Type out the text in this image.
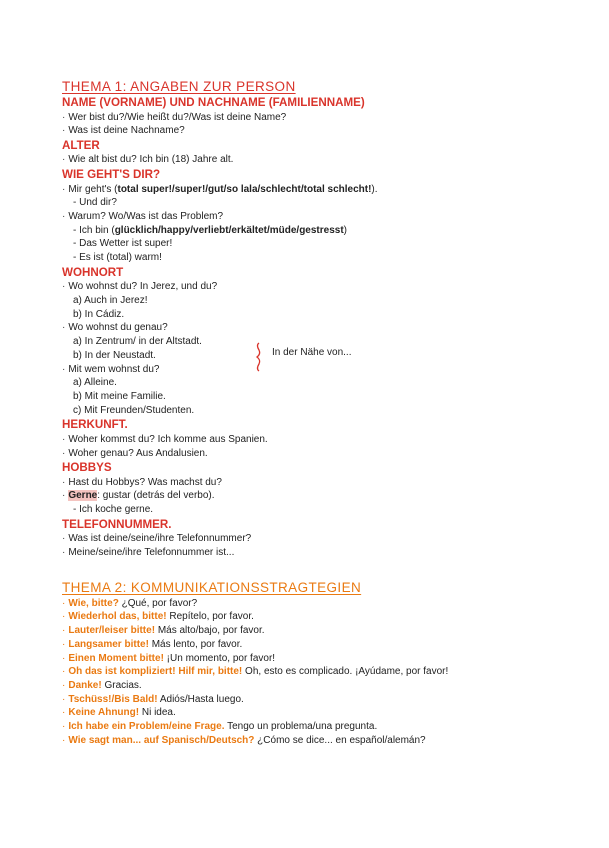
THEMA 1: ANGABEN ZUR PERSON
NAME (VORNAME) UND NACHNAME (FAMILIENNAME)
· Wer bist du?/Wie heißt du?/Was ist deine Name?
· Was ist deine Nachname?
ALTER
· Wie alt bist du? Ich bin (18) Jahre alt.
WIE GEHT'S DIR?
· Mir geht's (total super!/super!/gut/so lala/schlecht/total schlecht!).
- Und dir?
· Warum? Wo/Was ist das Problem?
- Ich bin (glücklich/happy/verliebt/erkältet/müde/gestresst)
- Das Wetter ist super!
- Es ist (total) warm!
WOHNORT
· Wo wohnst du? In Jerez, und du?
a) Auch in Jerez!
b) In Cádiz.
· Wo wohnst du genau?
a) In Zentrum/ in der Altstadt.
b) In der Neustadt.
· Mit wem wohnst du?
a) Alleine.
b) Mit meine Familie.
c) Mit Freunden/Studenten.
HERKUNFT.
· Woher kommst du? Ich komme aus Spanien.
· Woher genau? Aus Andalusien.
HOBBYS
· Hast du Hobbys? Was machst du?
· Gerne: gustar (detrás del verbo).
- Ich koche gerne.
TELEFONNUMMER.
· Was ist deine/seine/ihre Telefonnummer?
· Meine/seine/ihre Telefonnummer ist...
THEMA 2: KOMMUNIKATIONSSTRAGTEGIEN
· Wie, bitte? ¿Qué, por favor?
· Wiederhol das, bitte! Repítelo, por favor.
· Lauter/leiser bitte! Más alto/bajo, por favor.
· Langsamer bitte! Más lento, por favor.
· Einen Moment bitte! ¡Un momento, por favor!
· Oh das ist kompliziert! Hilf mir, bitte! Oh, esto es complicado. ¡Ayúdame, por favor!
· Danke! Gracias.
· Tschüss!/Bis Bald! Adiós/Hasta luego.
· Keine Ahnung! Ni idea.
· Ich habe ein Problem/eine Frage. Tengo un problema/una pregunta.
· Wie sagt man... auf Spanisch/Deutsch? ¿Cómo se dice... en español/alemán?
In der Nähe von...
